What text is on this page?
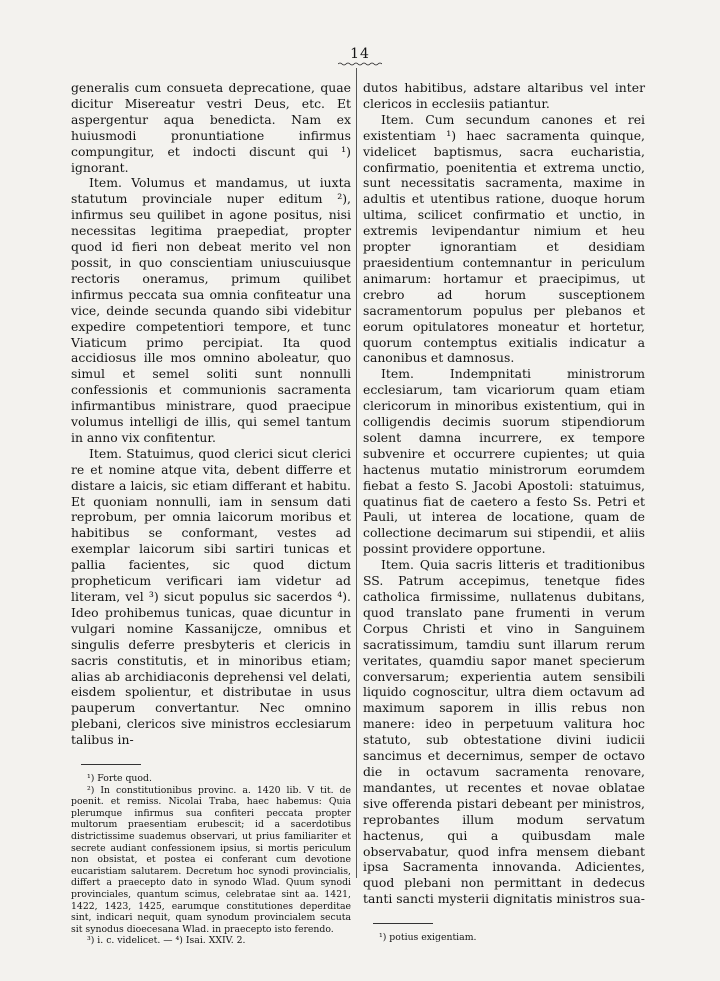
14

generalis cum consueta deprecatione, quae dicitur Misereatur vestri Deus, etc. Et aspergentur aqua benedicta. Nam ex huiusmodi pronuntiatione infirmus compungitur, et indocti discunt qui ¹) ignorant.

Item. Volumus et mandamus, ut iuxta statutum provinciale nuper editum ²), infirmus seu quilibet in agone positus, nisi necessitas legitima praepediat, propter quod id fieri non debeat merito vel non possit, in quo conscientiam uniuscuiusque rectoris oneramus, primum quilibet infirmus peccata sua omnia confiteatur una vice, deinde secunda quando sibi videbitur expedire competentiori tempore, et tunc Viaticum primo percipiat. Ita quod accidiosus ille mos omnino aboleatur, quo simul et semel soliti sunt nonnulli confessionis et communionis sacramenta infirmantibus ministrare, quod praecipue volumus intelligi de illis, qui semel tantum in anno vix confitentur.

Item. Statuimus, quod clerici sicut clerici re et nomine atque vita, debent differre et distare a laicis, sic etiam differant et habitu. Et quoniam nonnulli, iam in sensum dati reprobum, per omnia laicorum moribus et habitibus se conformant, vestes ad exemplar laicorum sibi sartiri tunicas et pallia facientes, sic quod dictum propheticum verificari iam videtur ad literam, vel ³) sicut populus sic sacerdos ⁴). Ideo prohibemus tunicas, quae dicuntur in vulgari nomine Kassanijcze, omnibus et singulis deferre presbyteris et clericis in sacris constitutis, et in minoribus etiam; alias ab archidiaconis deprehensi vel delati, eisdem spolientur, et distributae in usus pauperum convertantur. Nec omnino plebani, clericos sive ministros ecclesiarum talibus in-

¹) Forte quod.

²) In constitutionibus provinc. a. 1420 lib. V tit. de poenit. et remiss. Nicolai Traba, haec habemus: Quia plerumque infirmus sua confiteri peccata propter multorum praesentiam erubescit; id a sacerdotibus districtissime suademus observari, ut prius familiariter et secrete audiant confessionem ipsius, si mortis periculum non obsistat, et postea ei conferant cum devotione eucaristiam salutarem. Decretum hoc synodi provincialis, differt a praecepto dato in synodo Wlad. Quum synodi provinciales, quantum scimus, celebratae sint aa. 1421, 1422, 1423, 1425, earumque constitutiones deperditae sint, indicari nequit, quam synodum provincialem secuta sit synodus dioecesana Wlad. in praecepto isto ferendo.

³) i. c. videlicet. — ⁴) Isai. XXIV. 2.

dutos habitibus, adstare altaribus vel inter clericos in ecclesiis patiantur.

Item. Cum secundum canones et rei existentiam ¹) haec sacramenta quinque, videlicet baptismus, sacra eucharistia, confirmatio, poenitentia et extrema unctio, sunt necessitatis sacramenta, maxime in adultis et utentibus ratione, duoque horum ultima, scilicet confirmatio et unctio, in extremis levipendantur nimium et heu propter ignorantiam et desidiam praesidentium contemnantur in periculum animarum: hortamur et praecipimus, ut crebro ad horum susceptionem sacramentorum populus per plebanos et eorum opitulatores moneatur et hortetur, quorum contemptus exitialis indicatur a canonibus et damnosus.

Item. Indempnitati ministrorum ecclesiarum, tam vicariorum quam etiam clericorum in minoribus existentium, qui in colligendis decimis suorum stipendiorum solent damna incurrere, ex tempore subvenire et occurrere cupientes; ut quia hactenus mutatio ministrorum eorumdem fiebat a festo S. Jacobi Apostoli: statuimus, quatinus fiat de caetero a festo Ss. Petri et Pauli, ut interea de locatione, quam de collectione decimarum sui stipendii, et aliis possint providere opportune.

Item. Quia sacris litteris et traditionibus SS. Patrum accepimus, tenetque fides catholica firmissime, nullatenus dubitans, quod translato pane frumenti in verum Corpus Christi et vino in Sanguinem sacratissimum, tamdiu sunt illarum rerum veritates, quamdiu sapor manet specierum conversarum; experientia autem sensibili liquido cognoscitur, ultra diem octavum ad maximum saporem in illis rebus non manere: ideo in perpetuum valitura hoc statuto, sub obtestatione divini iudicii sancimus et decernimus, semper de octavo die in octavum sacramenta renovare, mandantes, ut recentes et novae oblatae sive offerenda pistari debeant per ministros, reprobantes illum modum servatum hactenus, qui a quibusdam male observabatur, quod infra mensem diebant ipsa Sacramenta innovanda. Adicientes, quod plebani non permittant in dedecus tanti sancti mysterii dignitatis ministros sua-

¹) potius exigentiam.
